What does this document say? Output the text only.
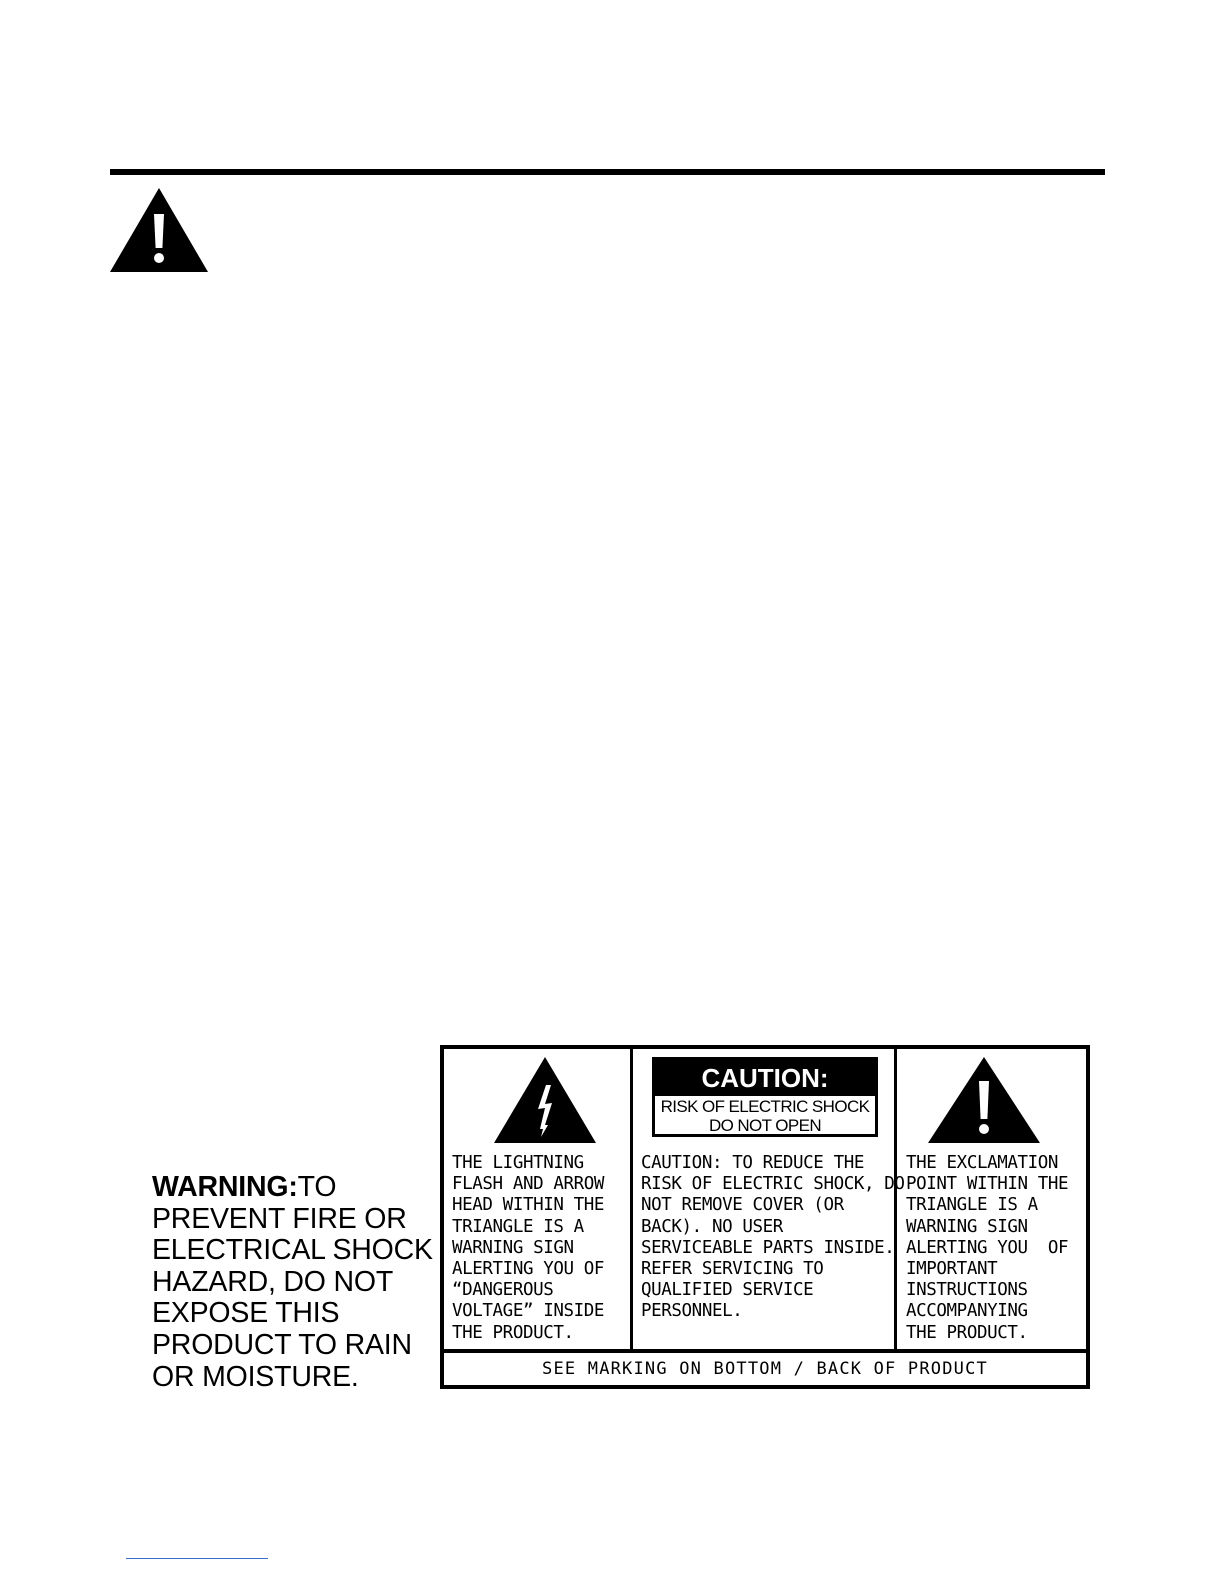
WARNING:TO
PREVENT FIRE OR
ELECTRICAL SHOCK
HAZARD, DO NOT
EXPOSE THIS
PRODUCT TO RAIN
OR MOISTURE.
THE LIGHTNING
FLASH AND ARROW
HEAD WITHIN THE
TRIANGLE IS A
WARNING SIGN
ALERTING YOU OF
“DANGEROUS
VOLTAGE” INSIDE
THE PRODUCT.
CAUTION:
RISK OF ELECTRIC SHOCK
DO NOT OPEN
CAUTION: TO REDUCE THE
RISK OF ELECTRIC SHOCK, DO
NOT REMOVE COVER (OR
BACK). NO USER
SERVICEABLE PARTS INSIDE.
REFER SERVICING TO
QUALIFIED SERVICE
PERSONNEL.
THE EXCLAMATION
POINT WITHIN THE
TRIANGLE IS A
WARNING SIGN
ALERTING YOU  OF
IMPORTANT
INSTRUCTIONS
ACCOMPANYING
THE PRODUCT.
SEE MARKING ON BOTTOM / BACK OF PRODUCT
